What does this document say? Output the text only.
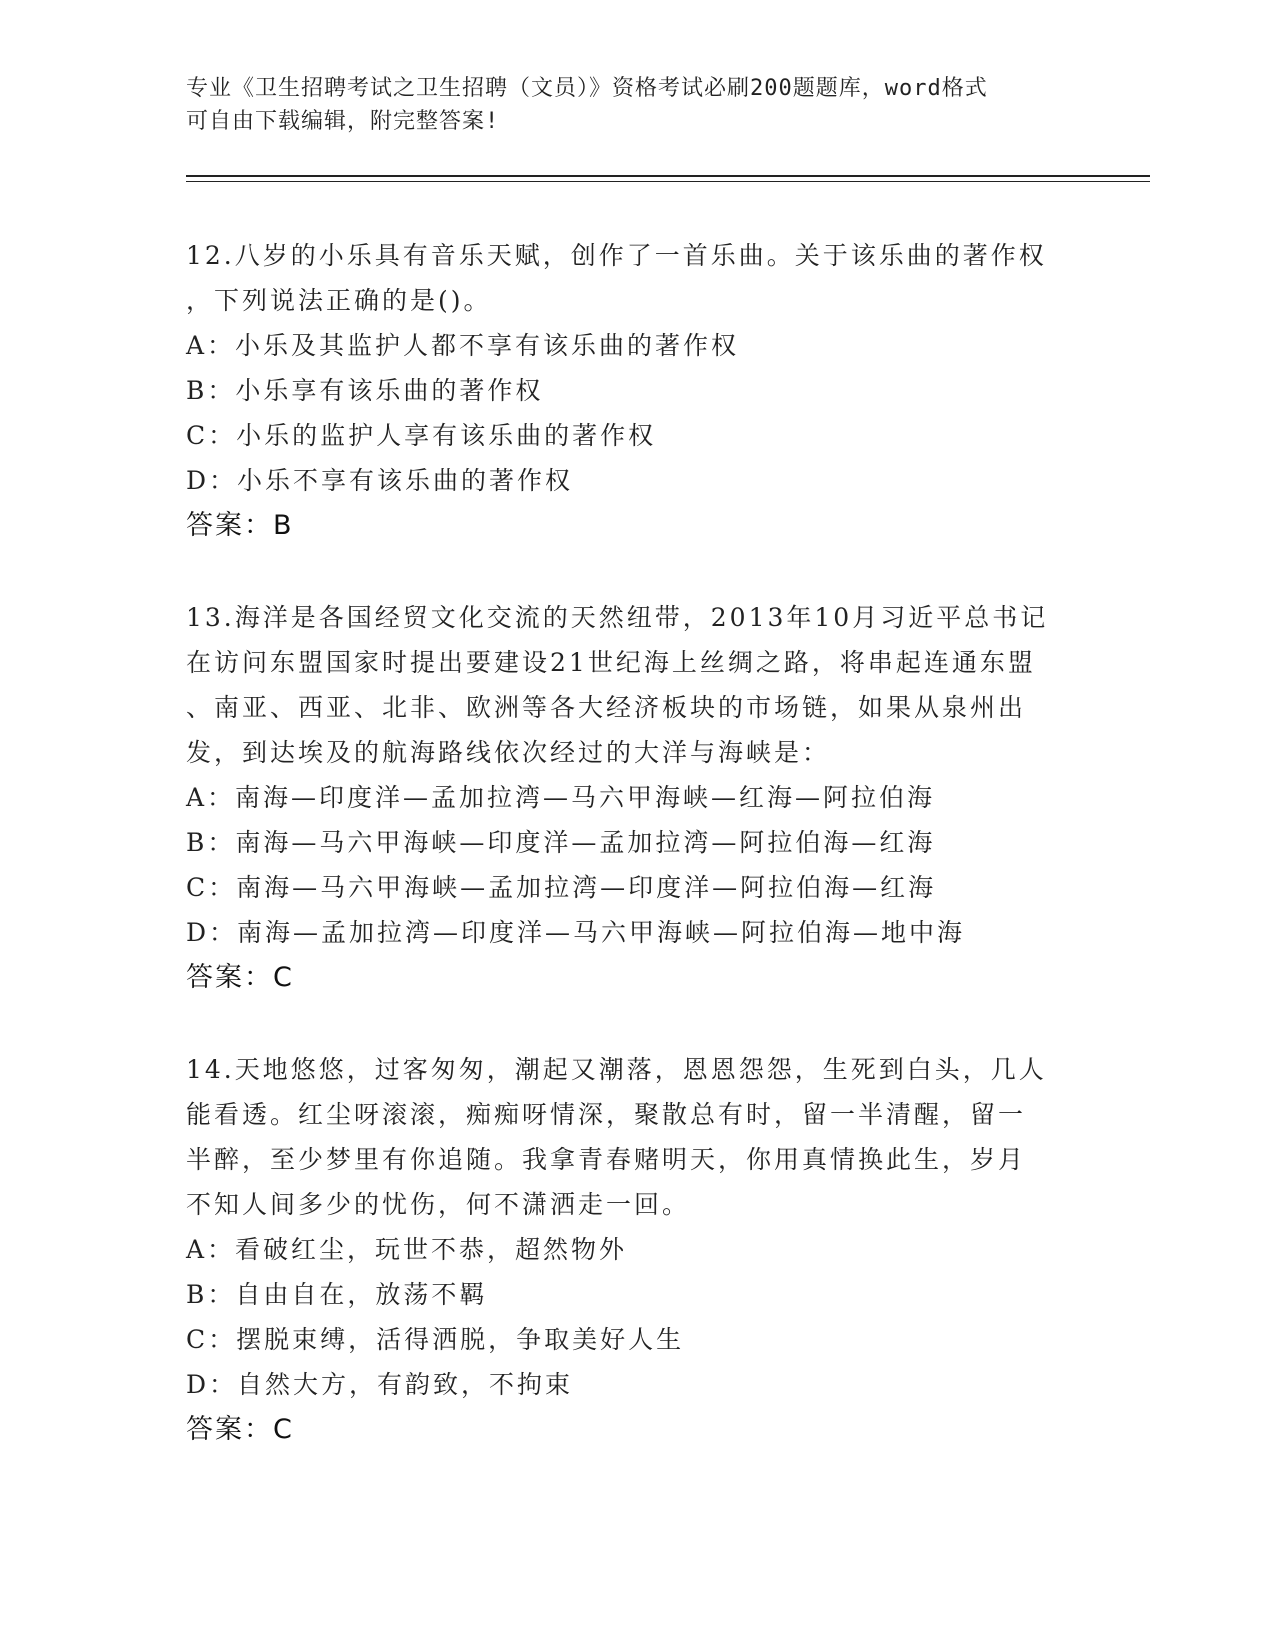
专业《卫生招聘考试之卫生招聘（文员）》资格考试必刷200题题库，word格式
可自由下载编辑，附完整答案!

12.八岁的小乐具有音乐天赋，创作了一首乐曲。关于该乐曲的著作权

，下列说法正确的是()。

A：小乐及其监护人都不享有该乐曲的著作权

B：小乐享有该乐曲的著作权

C：小乐的监护人享有该乐曲的著作权

D：小乐不享有该乐曲的著作权

答案：B

13.海洋是各国经贸文化交流的天然纽带，2013年10月习近平总书记

在访问东盟国家时提出要建设21世纪海上丝绸之路，将串起连通东盟

、南亚、西亚、北非、欧洲等各大经济板块的市场链，如果从泉州出

发，到达埃及的航海路线依次经过的大洋与海峡是：

A：南海—印度洋—孟加拉湾—马六甲海峡—红海—阿拉伯海

B：南海—马六甲海峡—印度洋—孟加拉湾—阿拉伯海—红海

C：南海—马六甲海峡—孟加拉湾—印度洋—阿拉伯海—红海

D：南海—孟加拉湾—印度洋—马六甲海峡—阿拉伯海—地中海

答案：C

14.天地悠悠，过客匆匆，潮起又潮落，恩恩怨怨，生死到白头，几人

能看透。红尘呀滚滚，痴痴呀情深，聚散总有时，留一半清醒，留一

半醉，至少梦里有你追随。我拿青春赌明天，你用真情换此生，岁月

不知人间多少的忧伤，何不潇洒走一回。

A：看破红尘，玩世不恭，超然物外

B：自由自在，放荡不羁

C：摆脱束缚，活得洒脱，争取美好人生

D：自然大方，有韵致，不拘束

答案：C
